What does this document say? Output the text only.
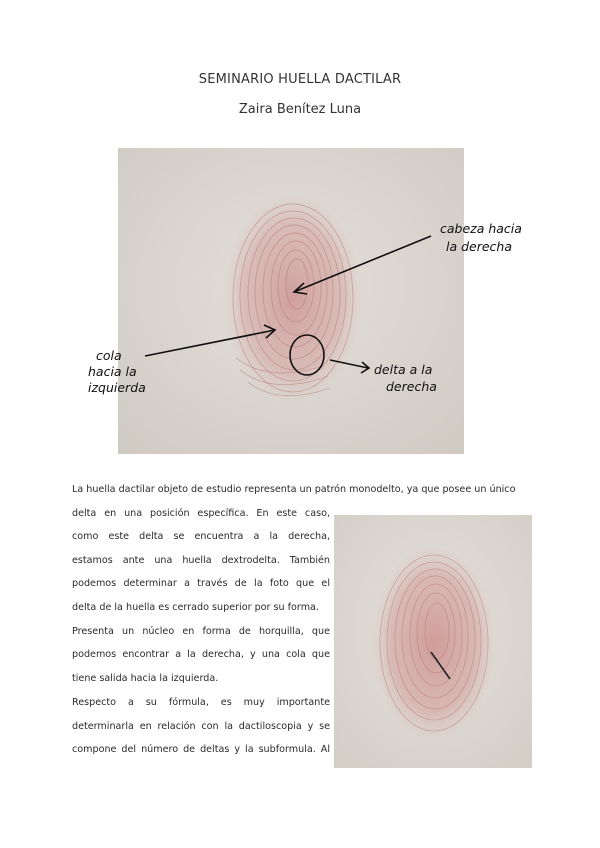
SEMINARIO HUELLA DACTILAR
Zaira Benítez Luna
cabeza hacia
la derecha
cola
hacia la
izquierda
delta a la
derecha
La huella dactilar objeto de estudio representa un patrón monodelto, ya que posee un único
delta en una posición específica. En este caso,
como este delta se encuentra a la derecha,
estamos ante una huella dextrodelta. También
podemos determinar a través de la foto que el
delta de la huella es cerrado superior por su forma.
Presenta un núcleo en forma de horquilla, que
podemos encontrar a la derecha, y una cola que
tiene salida hacia la izquierda.
Respecto a su fórmula, es muy importante
determinarla en relación con la dactiloscopia y se
compone del número de deltas y la subformula. Al
